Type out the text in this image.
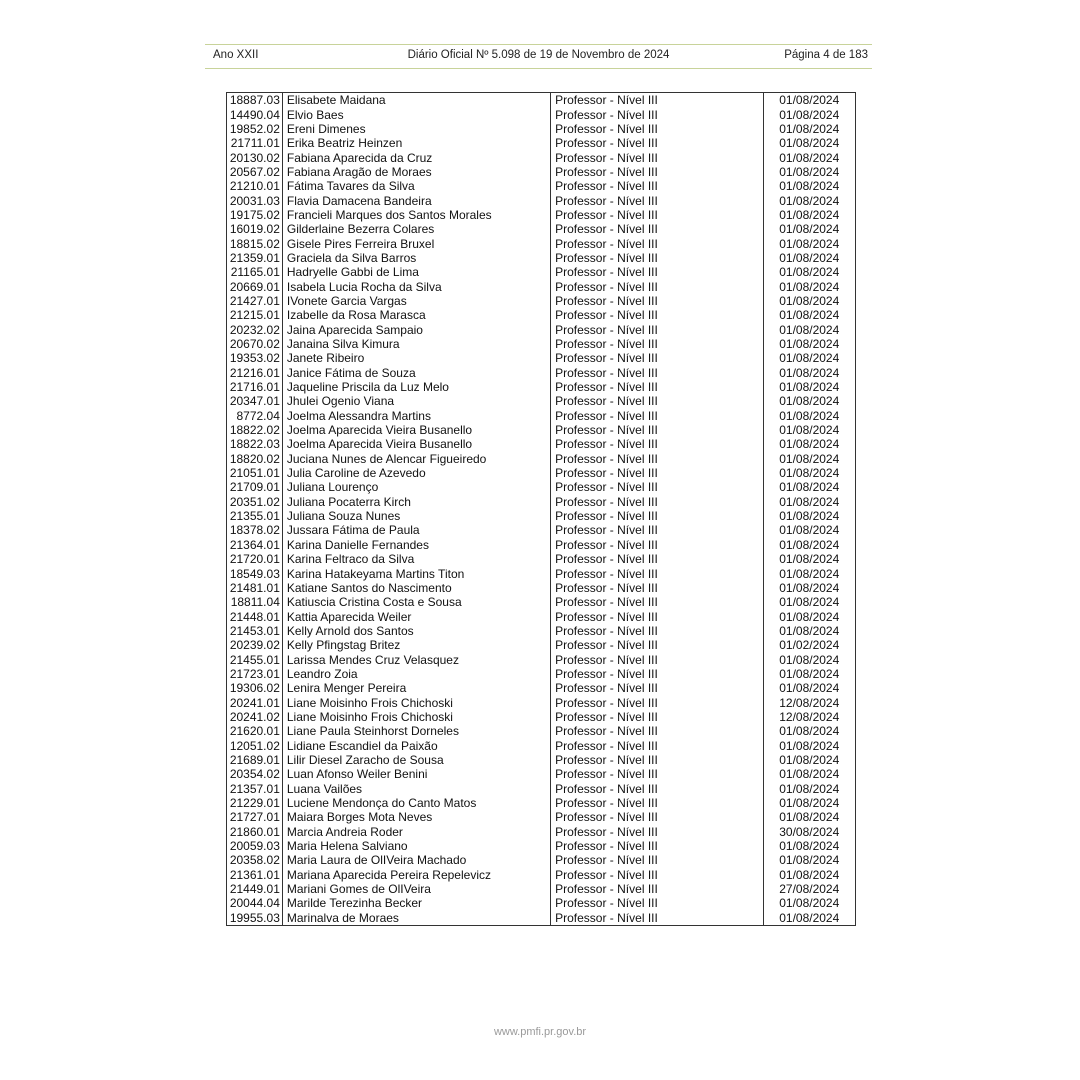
Ano XXII	Diário Oficial Nº 5.098 de 19 de Novembro de 2024	Página 4 de 183
18887.03	Elisabete Maidana	Professor - Nível III	01/08/2024
14490.04	Elvio Baes	Professor - Nível III	01/08/2024
19852.02	Ereni Dimenes	Professor - Nível III	01/08/2024
21711.01	Erika Beatriz Heinzen	Professor - Nível III	01/08/2024
20130.02	Fabiana Aparecida da Cruz	Professor - Nível III	01/08/2024
20567.02	Fabiana Aragão de Moraes	Professor - Nível III	01/08/2024
21210.01	Fátima Tavares da Silva	Professor - Nível III	01/08/2024
20031.03	Flavia Damacena Bandeira	Professor - Nível III	01/08/2024
19175.02	Francieli Marques dos Santos Morales	Professor - Nível III	01/08/2024
16019.02	Gilderlaine Bezerra Colares	Professor - Nível III	01/08/2024
18815.02	Gisele Pires Ferreira Bruxel	Professor - Nível III	01/08/2024
21359.01	Graciela da Silva Barros	Professor - Nível III	01/08/2024
21165.01	Hadryelle Gabbi de Lima	Professor - Nível III	01/08/2024
20669.01	Isabela Lucia Rocha da Silva	Professor - Nível III	01/08/2024
21427.01	IVonete Garcia Vargas	Professor - Nível III	01/08/2024
21215.01	Izabelle da Rosa Marasca	Professor - Nível III	01/08/2024
20232.02	Jaina Aparecida Sampaio	Professor - Nível III	01/08/2024
20670.02	Janaina Silva Kimura	Professor - Nível III	01/08/2024
19353.02	Janete Ribeiro	Professor - Nível III	01/08/2024
21216.01	Janice Fátima de Souza	Professor - Nível III	01/08/2024
21716.01	Jaqueline Priscila da Luz Melo	Professor - Nível III	01/08/2024
20347.01	Jhulei Ogenio Viana	Professor - Nível III	01/08/2024
8772.04	Joelma Alessandra Martins	Professor - Nível III	01/08/2024
18822.02	Joelma Aparecida Vieira Busanello	Professor - Nível III	01/08/2024
18822.03	Joelma Aparecida Vieira Busanello	Professor - Nível III	01/08/2024
18820.02	Juciana Nunes de Alencar Figueiredo	Professor - Nível III	01/08/2024
21051.01	Julia Caroline de Azevedo	Professor - Nível III	01/08/2024
21709.01	Juliana Lourenço	Professor - Nível III	01/08/2024
20351.02	Juliana Pocaterra Kirch	Professor - Nível III	01/08/2024
21355.01	Juliana Souza Nunes	Professor - Nível III	01/08/2024
18378.02	Jussara Fátima de Paula	Professor - Nível III	01/08/2024
21364.01	Karina Danielle Fernandes	Professor - Nível III	01/08/2024
21720.01	Karina Feltraco da Silva	Professor - Nível III	01/08/2024
18549.03	Karina Hatakeyama Martins Titon	Professor - Nível III	01/08/2024
21481.01	Katiane Santos do Nascimento	Professor - Nível III	01/08/2024
18811.04	Katiuscia Cristina Costa e Sousa	Professor - Nível III	01/08/2024
21448.01	Kattia Aparecida Weiler	Professor - Nível III	01/08/2024
21453.01	Kelly Arnold dos Santos	Professor - Nível III	01/08/2024
20239.02	Kelly Pfingstag Britez	Professor - Nível III	01/02/2024
21455.01	Larissa Mendes Cruz Velasquez	Professor - Nível III	01/08/2024
21723.01	Leandro Zoia	Professor - Nível III	01/08/2024
19306.02	Lenira Menger Pereira	Professor - Nível III	01/08/2024
20241.01	Liane Moisinho Frois Chichoski	Professor - Nível III	12/08/2024
20241.02	Liane Moisinho Frois Chichoski	Professor - Nível III	12/08/2024
21620.01	Liane Paula Steinhorst Dorneles	Professor - Nível III	01/08/2024
12051.02	Lidiane Escandiel da Paixão	Professor - Nível III	01/08/2024
21689.01	Lilir Diesel Zaracho de Sousa	Professor - Nível III	01/08/2024
20354.02	Luan Afonso Weiler Benini	Professor - Nível III	01/08/2024
21357.01	Luana Vailões	Professor - Nível III	01/08/2024
21229.01	Luciene Mendonça do Canto Matos	Professor - Nível III	01/08/2024
21727.01	Maiara Borges Mota Neves	Professor - Nível III	01/08/2024
21860.01	Marcia Andreia Roder	Professor - Nível III	30/08/2024
20059.03	Maria Helena Salviano	Professor - Nível III	01/08/2024
20358.02	Maria Laura de OlIVeira Machado	Professor - Nível III	01/08/2024
21361.01	Mariana Aparecida Pereira Repelevicz	Professor - Nível III	01/08/2024
21449.01	Mariani Gomes de OlIVeira	Professor - Nível III	27/08/2024
20044.04	Marilde Terezinha Becker	Professor - Nível III	01/08/2024
19955.03	Marinalva de Moraes	Professor - Nível III	01/08/2024
www.pmfi.pr.gov.br
